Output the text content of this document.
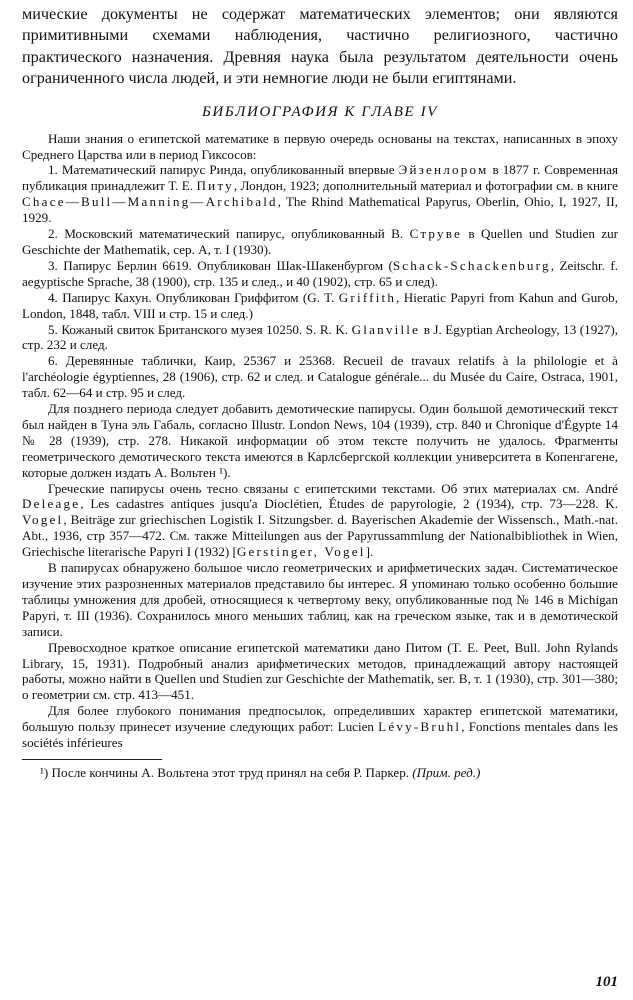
мические документы не содержат математических элементов; они являются примитивными схемами наблюдения, частично религиозного, частично практического назначения. Древняя наука была результатом деятельности очень ограниченного числа людей, и эти немногие люди не были египтянами.

БИБЛИОГРАФИЯ К ГЛАВЕ IV

Наши знания о египетской математике в первую очередь основаны на текстах, написанных в эпоху Среднего Царства или в период Гиксосов:

1. Математический папирус Ринда, опубликованный впервые Эйзенлором в 1877 г. Современная публикация принадлежит Т. Е. Питу, Лондон, 1923; дополнительный материал и фотографии см. в книге Chace—Bull—Manning—Archibald, The Rhind Mathematical Papyrus, Oberlin, Ohio, I, 1927, II, 1929.

2. Московский математический папирус, опубликованный В. Струве в Quellen und Studien zur Geschichte der Mathematik, сер. A, т. I (1930).

3. Папирус Берлин 6619. Опубликован Шак-Шакенбургом (Schack-Schackenburg, Zeitschr. f. aegyptische Sprache, 38 (1900), стр. 135 и след., и 40 (1902), стр. 65 и след).

4. Папирус Кахун. Опубликован Гриффитом (G. T. Griffith, Hieratic Papyri from Kahun and Gurob, London, 1848, табл. VIII и стр. 15 и след.)

5. Кожаный свиток Британского музея 10250. S. R. K. Glanville в J. Egyptian Archeology, 13 (1927), стр. 232 и след.

6. Деревянные таблички, Каир, 25367 и 25368. Recueil de travaux relatifs à la philologie et à l'archéologie égyptiennes, 28 (1906), стр. 62 и след. и Catalogue générale... du Musée du Caire, Ostraca, 1901, табл. 62—64 и стр. 95 и след.

Для позднего периода следует добавить демотические папирусы. Один большой демотический текст был найден в Туна эль Габаль, согласно Illustr. London News, 104 (1939), стр. 840 и Chronique d'Égypte 14 № 28 (1939), стр. 278. Никакой информации об этом тексте получить не удалось. Фрагменты геометрического демотического текста имеются в Карлсбергской коллекции университета в Копенгагене, которые должен издать А. Вольтен ¹).

Греческие папирусы очень тесно связаны с египетскими текстами. Об этих материалах см. André Deleage, Les cadastres antiques jusqu'a Dioclétien, Études de papyrologie, 2 (1934), стр. 73—228. K. Vogel, Beiträge zur griechischen Logistik I. Sitzungsber. d. Bayerischen Akademie der Wissensch., Math.-nat. Abt., 1936, стр 357—472. См. также Mitteilungen aus der Papyrussammlung der Nationalbibliothek in Wien, Griechische literarische Papyri I (1932) [Gerstinger, Vogel].

В папирусах обнаружено большое число геометрических и арифметических задач. Систематическое изучение этих разрозненных материалов представило бы интерес. Я упоминаю только особенно большие таблицы умножения для дробей, относящиеся к четвертому веку, опубликованные под № 146 в Michigan Papyri, т. III (1936). Сохранилось много меньших таблиц, как на греческом языке, так и в демотической записи.

Превосходное краткое описание египетской математики дано Питом (T. E. Peet, Bull. John Rylands Library, 15, 1931). Подробный анализ арифметических методов, принадлежащий автору настоящей работы, можно найти в Quellen und Studien zur Geschichte der Mathematik, ser. B, т. 1 (1930), стр. 301—380; о геометрии см. стр. 413—451.

Для более глубокого понимания предпосылок, определивших характер египетской математики, большую пользу принесет изучение следующих работ: Lucien Lévy-Bruhl, Fonctions mentales dans les sociétés inférieures

¹) После кончины А. Вольтена этот труд принял на себя Р. Паркер. (Прим. ред.)

101
